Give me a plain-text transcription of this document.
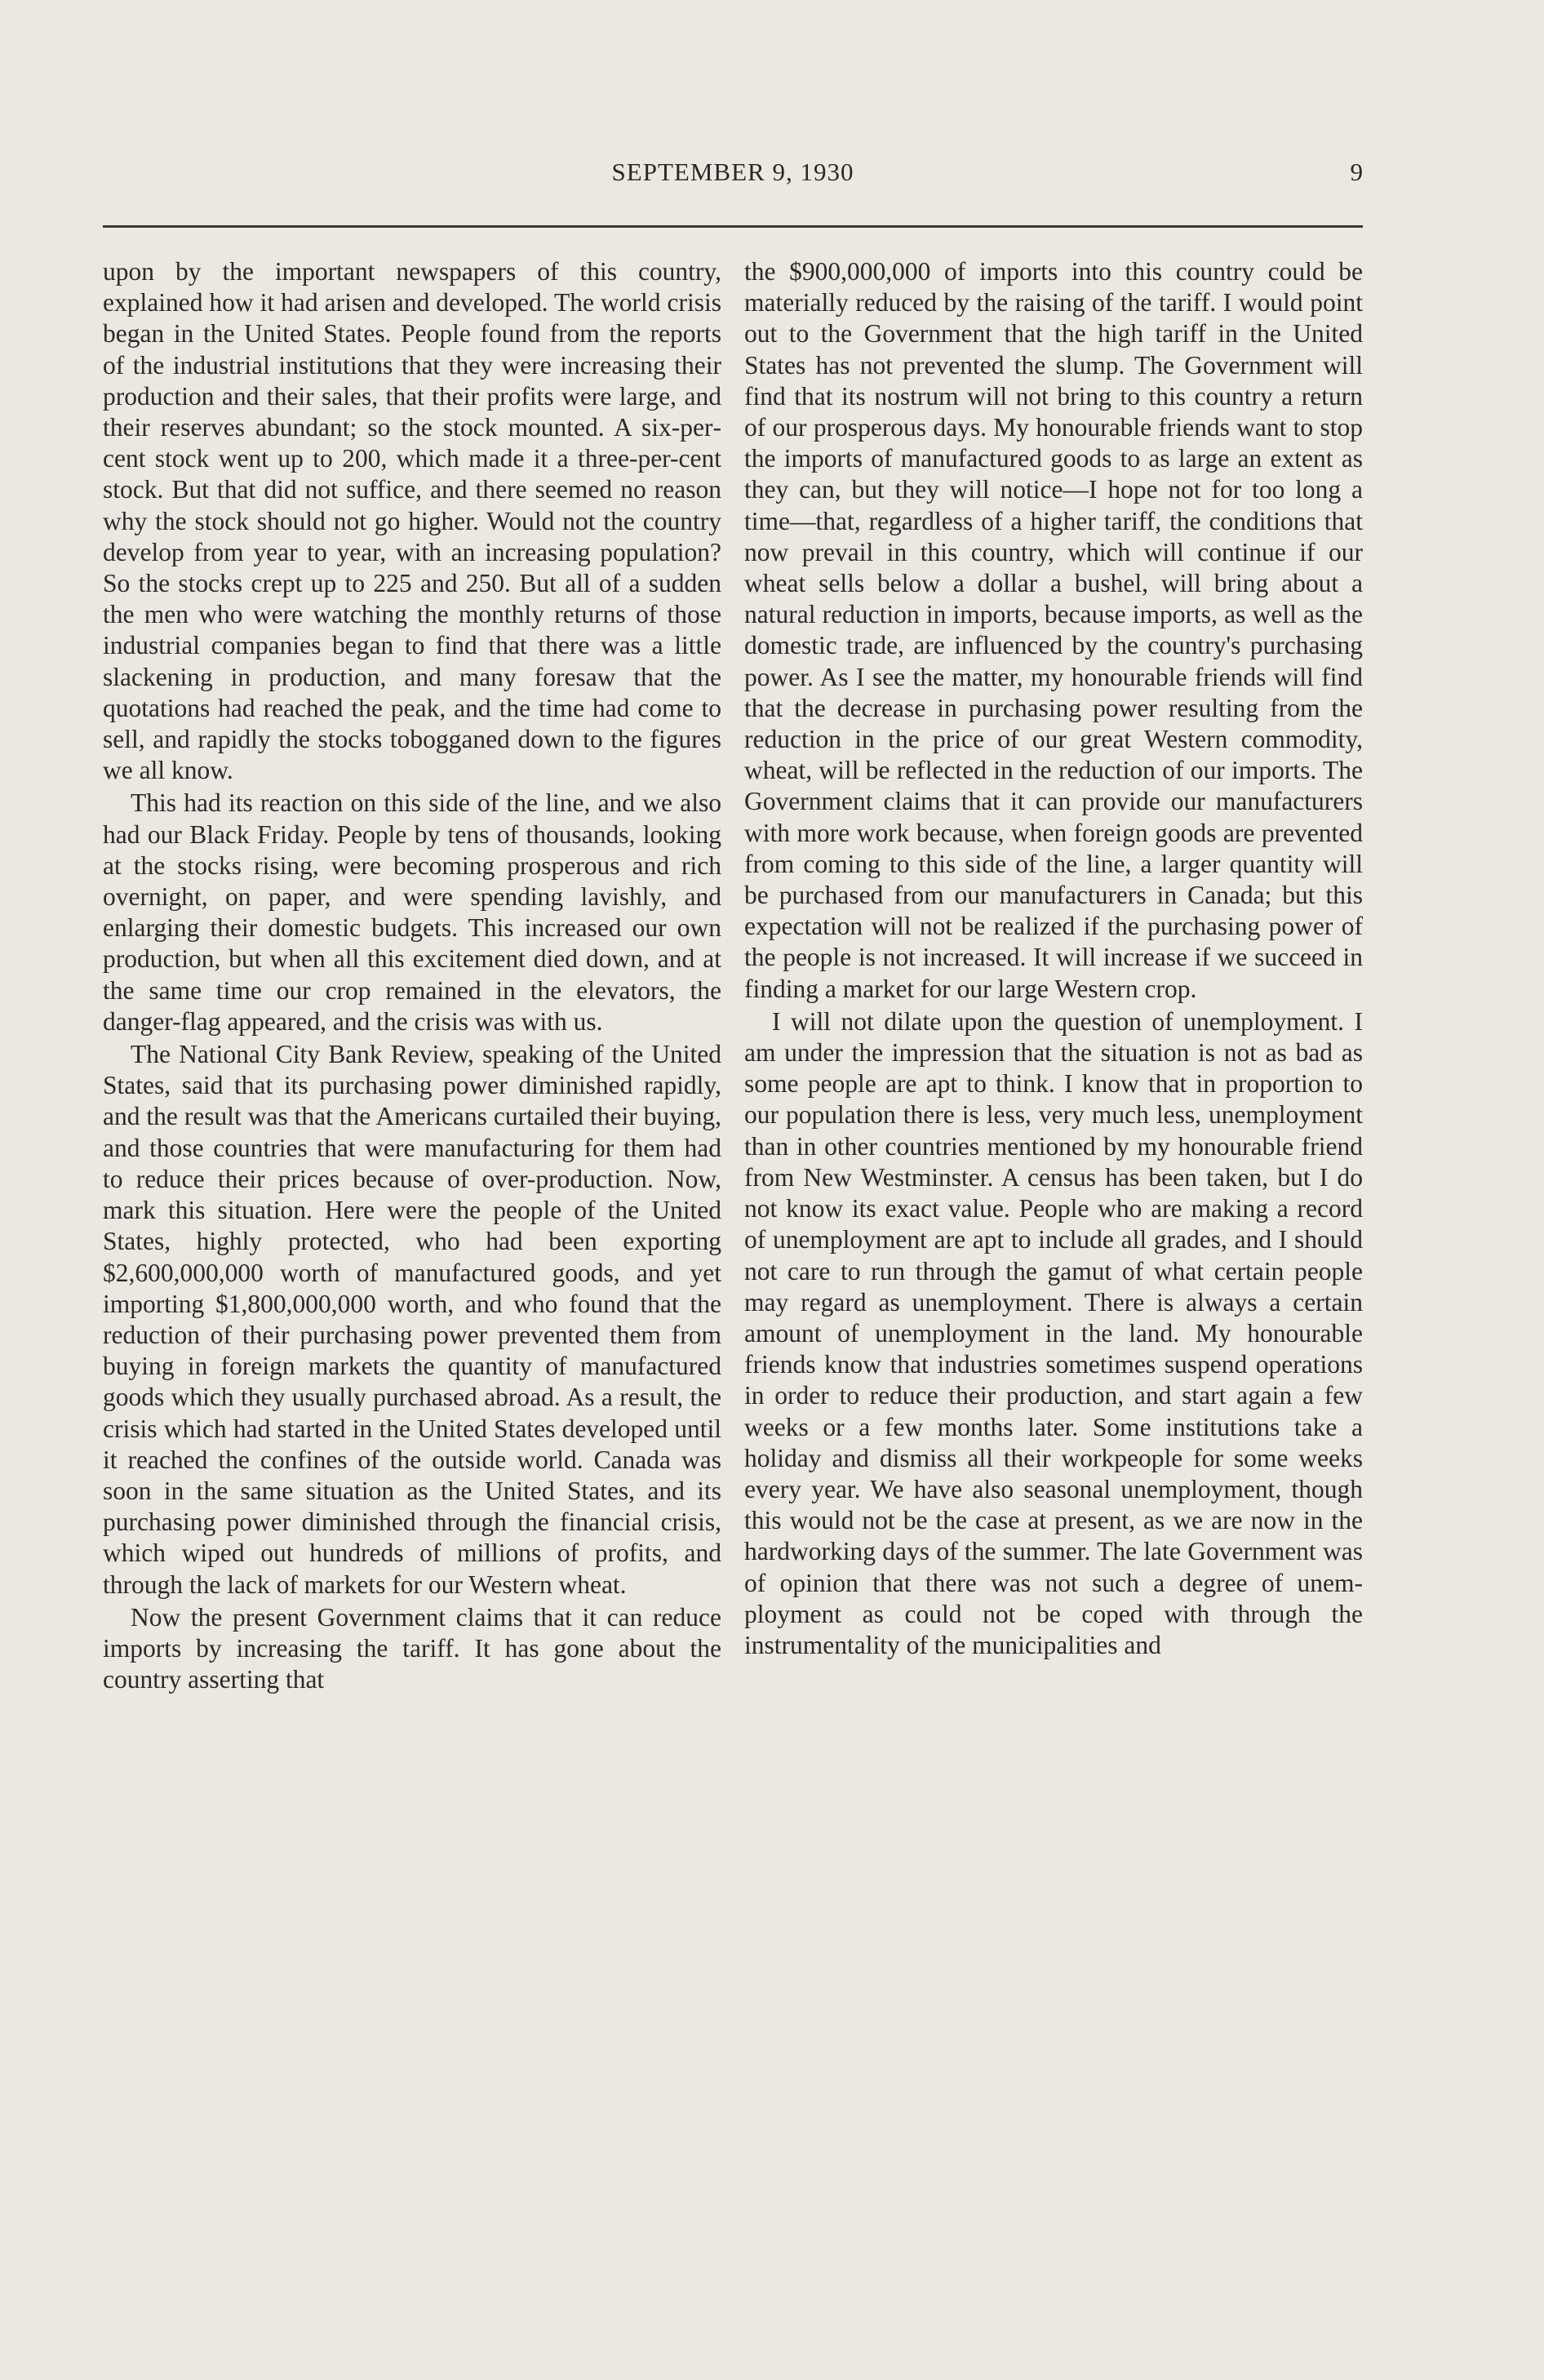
SEPTEMBER 9, 1930	9

upon by the important newspapers of this country, explained how it had arisen and developed. The world crisis began in the United States. People found from the reports of the industrial institutions that they were increasing their production and their sales, that their profits were large, and their reserves abundant; so the stock mounted. A six-percent stock went up to 200, which made it a three-per-cent stock. But that did not suffice, and there seemed no reason why the stock should not go higher. Would not the country develop from year to year, with an increasing population? So the stocks crept up to 225 and 250. But all of a sudden the men who were watching the monthly returns of those industrial companies began to find that there was a little slackening in production, and many foresaw that the quotations had reached the peak, and the time had come to sell, and rapidly the stocks tobogganed down to the figures we all know.

This had its reaction on this side of the line, and we also had our Black Friday. People by tens of thousands, looking at the stocks rising, were becoming prosperous and rich overnight, on paper, and were spending lavishly, and enlarging their domestic budgets. This increased our own production, but when all this excitement died down, and at the same time our crop remained in the elevators, the danger-flag appeared, and the crisis was with us.

The National City Bank Review, speaking of the United States, said that its purchasing power diminished rapidly, and the result was that the Americans curtailed their buying, and those countries that were manufacturing for them had to reduce their prices because of over-production. Now, mark this situation. Here were the people of the United States, highly protected, who had been exporting $2,600,000,000 worth of manufactured goods, and yet importing $1,800,000,000 worth, and who found that the reduction of their purchasing power prevented them from buying in foreign markets the quantity of manufactured goods which they usually purchased abroad. As a result, the crisis which had started in the United States developed until it reached the confines of the outside world. Canada was soon in the same situation as the United States, and its purchasing power diminished through the financial crisis, which wiped out hundreds of millions of profits, and through the lack of markets for our Western wheat.

Now the present Government claims that it can reduce imports by increasing the tariff. It has gone about the country asserting that

the $900,000,000 of imports into this country could be materially reduced by the raising of the tariff. I would point out to the Government that the high tariff in the United States has not prevented the slump. The Government will find that its nostrum will not bring to this country a return of our prosperous days. My honourable friends want to stop the imports of manufactured goods to as large an extent as they can, but they will notice—I hope not for too long a time—that, regardless of a higher tariff, the conditions that now prevail in this country, which will continue if our wheat sells below a dollar a bushel, will bring about a natural reduction in imports, because imports, as well as the domestic trade, are influenced by the country's purchasing power. As I see the matter, my honourable friends will find that the decrease in purchasing power resulting from the reduction in the price of our great Western commodity, wheat, will be reflected in the reduction of our imports. The Government claims that it can provide our manufacturers with more work because, when foreign goods are prevented from coming to this side of the line, a larger quantity will be purchased from our manufacturers in Canada; but this expectation will not be realized if the purchasing power of the people is not increased. It will increase if we succeed in finding a market for our large Western crop.

I will not dilate upon the question of unemployment. I am under the impression that the situation is not as bad as some people are apt to think. I know that in proportion to our population there is less, very much less, unemployment than in other countries mentioned by my honourable friend from New Westminster. A census has been taken, but I do not know its exact value. People who are making a record of unemployment are apt to include all grades, and I should not care to run through the gamut of what certain people may regard as unemployment. There is always a certain amount of unemployment in the land. My honourable friends know that industries sometimes suspend operations in order to reduce their production, and start again a few weeks or a few months later. Some institutions take a holiday and dismiss all their workpeople for some weeks every year. We have also seasonal unemployment, though this would not be the case at present, as we are now in the hardworking days of the summer. The late Government was of opinion that there was not such a degree of unemployment as could not be coped with through the instrumentality of the municipalities and
